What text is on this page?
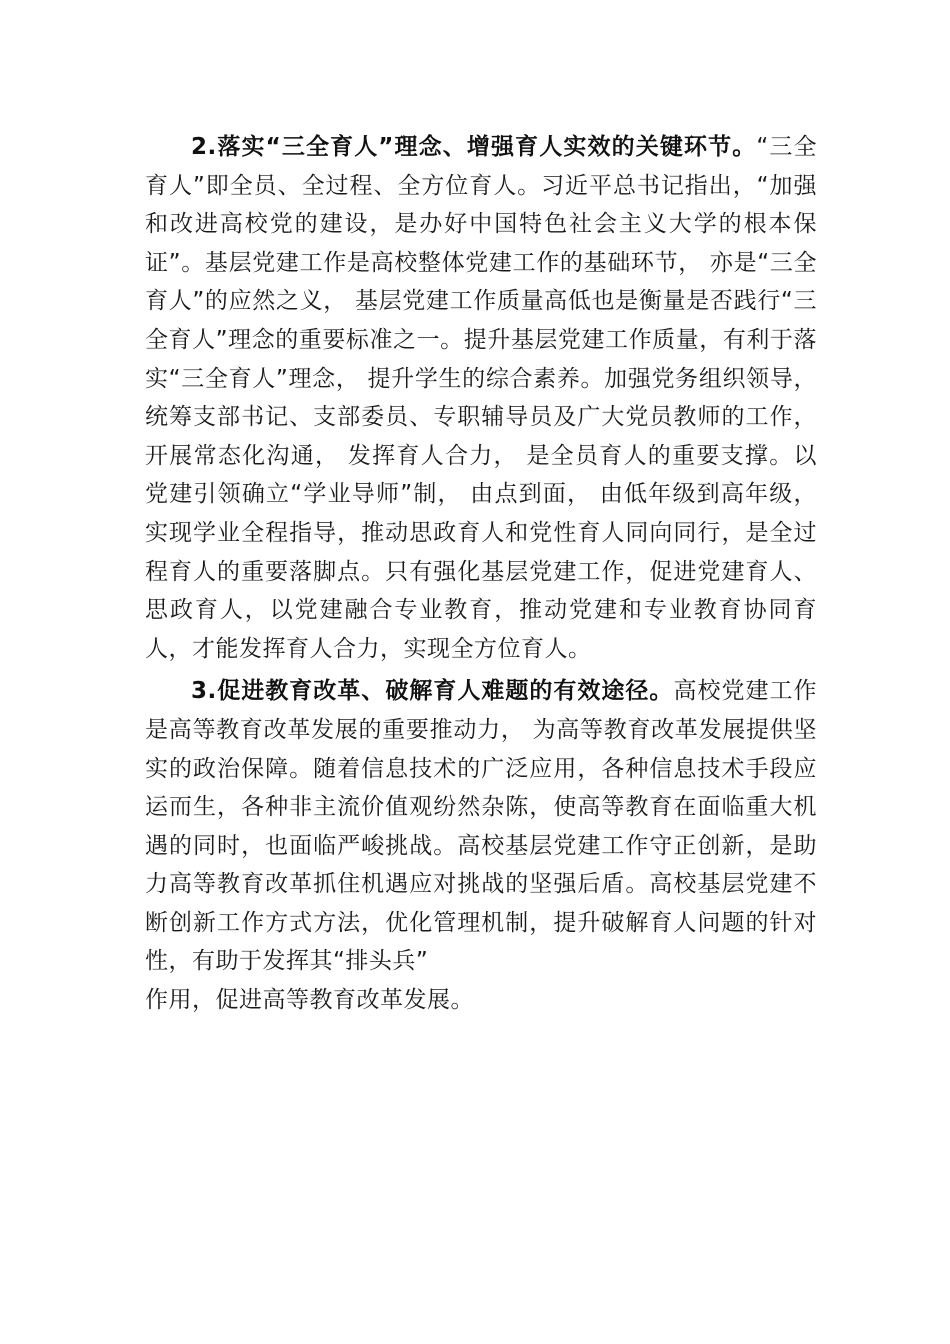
2.落实“三全育人”理念、增强育人实效的关键环节。“三全育人”即全员、全过程、全方位育人。习近平总书记指出，“加强和改进高校党的建设，是办好中国特色社会主义大学的根本保证”。基层党建工作是高校整体党建工作的基础环节， 亦是“三全育人”的应然之义， 基层党建工作质量高低也是衡量是否践行“三全育人”理念的重要标准之一。提升基层党建工作质量，有利于落实“三全育人”理念， 提升学生的综合素养。加强党务组织领导， 统筹支部书记、支部委员、专职辅导员及广大党员教师的工作，开展常态化沟通， 发挥育人合力， 是全员育人的重要支撑。以党建引领确立“学业导师”制， 由点到面， 由低年级到高年级， 实现学业全程指导，推动思政育人和党性育人同向同行，是全过程育人的重要落脚点。只有强化基层党建工作，促进党建育人、思政育人，以党建融合专业教育，推动党建和专业教育协同育人，才能发挥育人合力，实现全方位育人。

3.促进教育改革、破解育人难题的有效途径。高校党建工作是高等教育改革发展的重要推动力， 为高等教育改革发展提供坚实的政治保障。随着信息技术的广泛应用，各种信息技术手段应运而生，各种非主流价值观纷然杂陈，使高等教育在面临重大机遇的同时，也面临严峻挑战。高校基层党建工作守正创新，是助力高等教育改革抓住机遇应对挑战的坚强后盾。高校基层党建不断创新工作方式方法，优化管理机制，提升破解育人问题的针对性，有助于发挥其“排头兵”

作用，促进高等教育改革发展。
